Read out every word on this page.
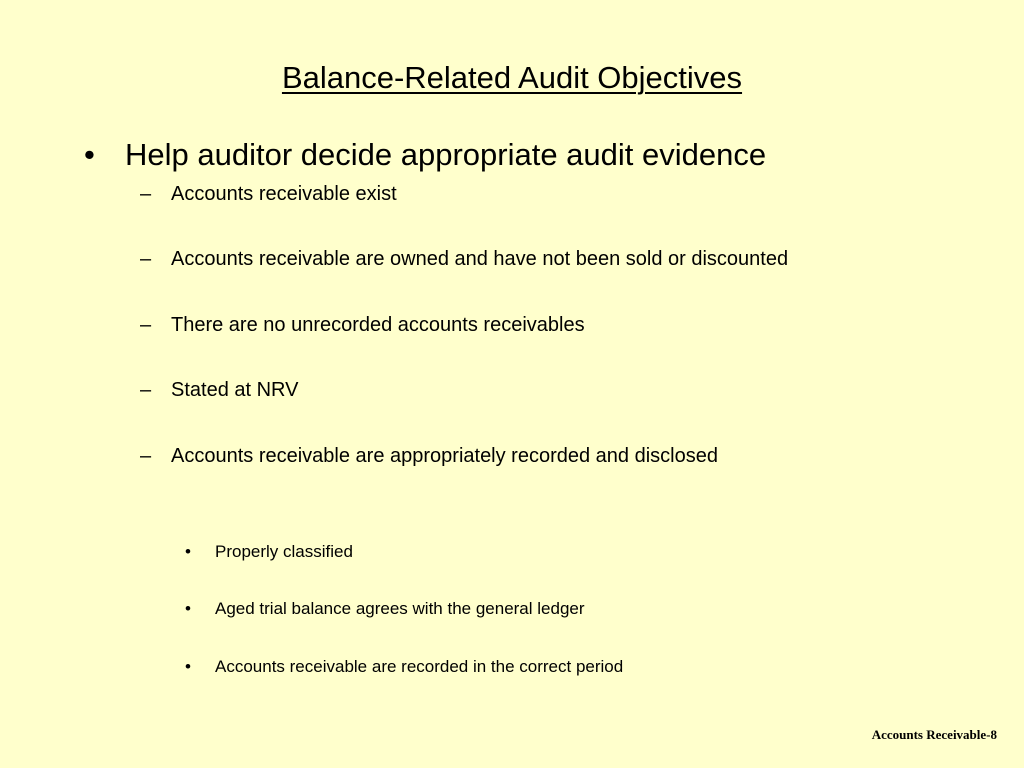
Balance-Related Audit Objectives
• Help auditor decide appropriate audit evidence
– Accounts receivable exist
– Accounts receivable are owned and have not been sold or discounted
– There are no unrecorded accounts receivables
– Stated at NRV
– Accounts receivable are appropriately recorded and disclosed
• Properly classified
• Aged trial balance agrees with the general ledger
• Accounts receivable are recorded in the correct period
Accounts Receivable-8
